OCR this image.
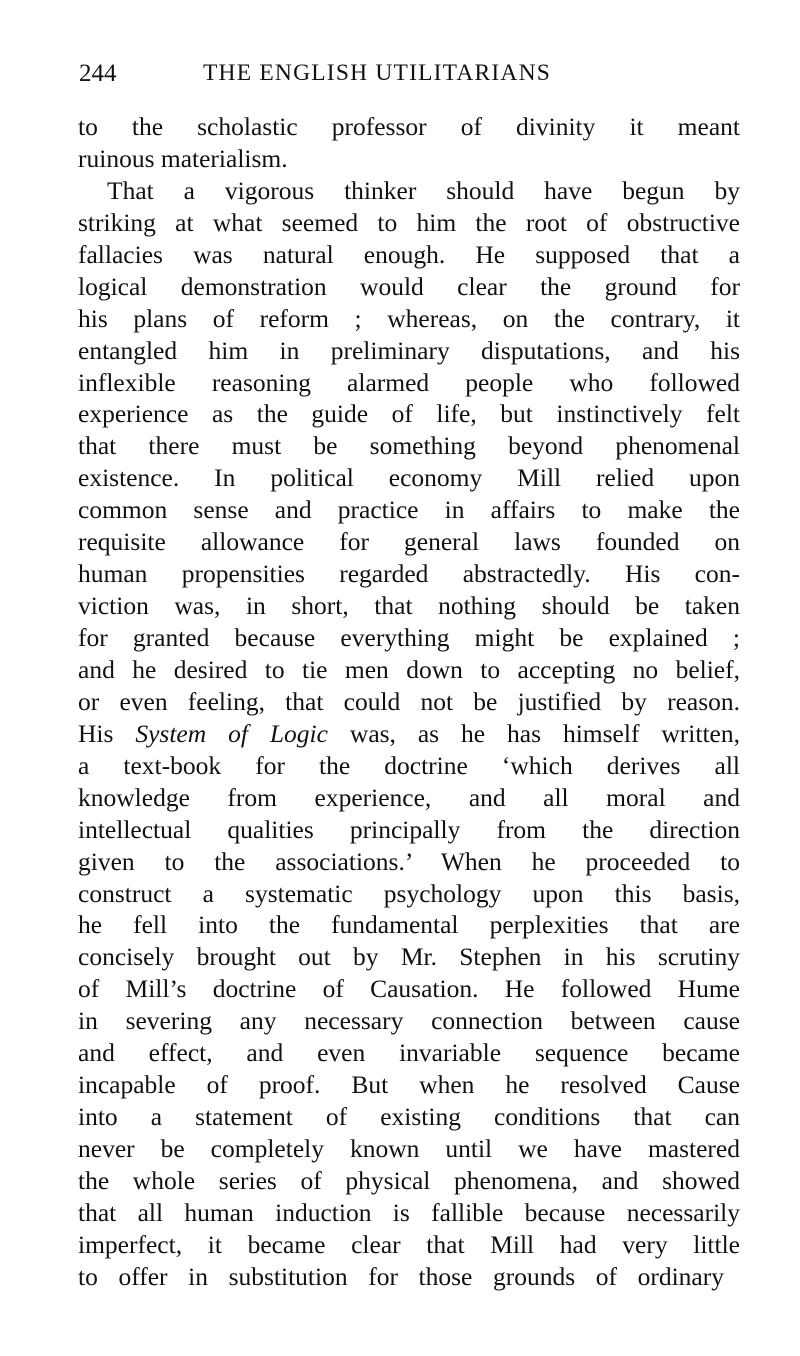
244	THE ENGLISH UTILITARIANS
to the scholastic professor of divinity it meant
ruinous materialism.
That a vigorous thinker should have begun by
striking at what seemed to him the root of obstructive
fallacies was natural enough. He supposed that a
logical demonstration would clear the ground for
his plans of reform ; whereas, on the contrary, it
entangled him in preliminary disputations, and his
inflexible reasoning alarmed people who followed
experience as the guide of life, but instinctively felt
that there must be something beyond phenomenal
existence. In political economy Mill relied upon
common sense and practice in affairs to make the
requisite allowance for general laws founded on
human propensities regarded abstractedly. His con-
viction was, in short, that nothing should be taken
for granted because everything might be explained ;
and he desired to tie men down to accepting no belief,
or even feeling, that could not be justified by reason.
His System of Logic was, as he has himself written,
a text-book for the doctrine ‘which derives all
knowledge from experience, and all moral and
intellectual qualities principally from the direction
given to the associations.’ When he proceeded to
construct a systematic psychology upon this basis,
he fell into the fundamental perplexities that are
concisely brought out by Mr. Stephen in his scrutiny
of Mill’s doctrine of Causation. He followed Hume
in severing any necessary connection between cause
and effect, and even invariable sequence became
incapable of proof. But when he resolved Cause
into a statement of existing conditions that can
never be completely known until we have mastered
the whole series of physical phenomena, and showed
that all human induction is fallible because necessarily
imperfect, it became clear that Mill had very little
to offer in substitution for those grounds of ordinary
